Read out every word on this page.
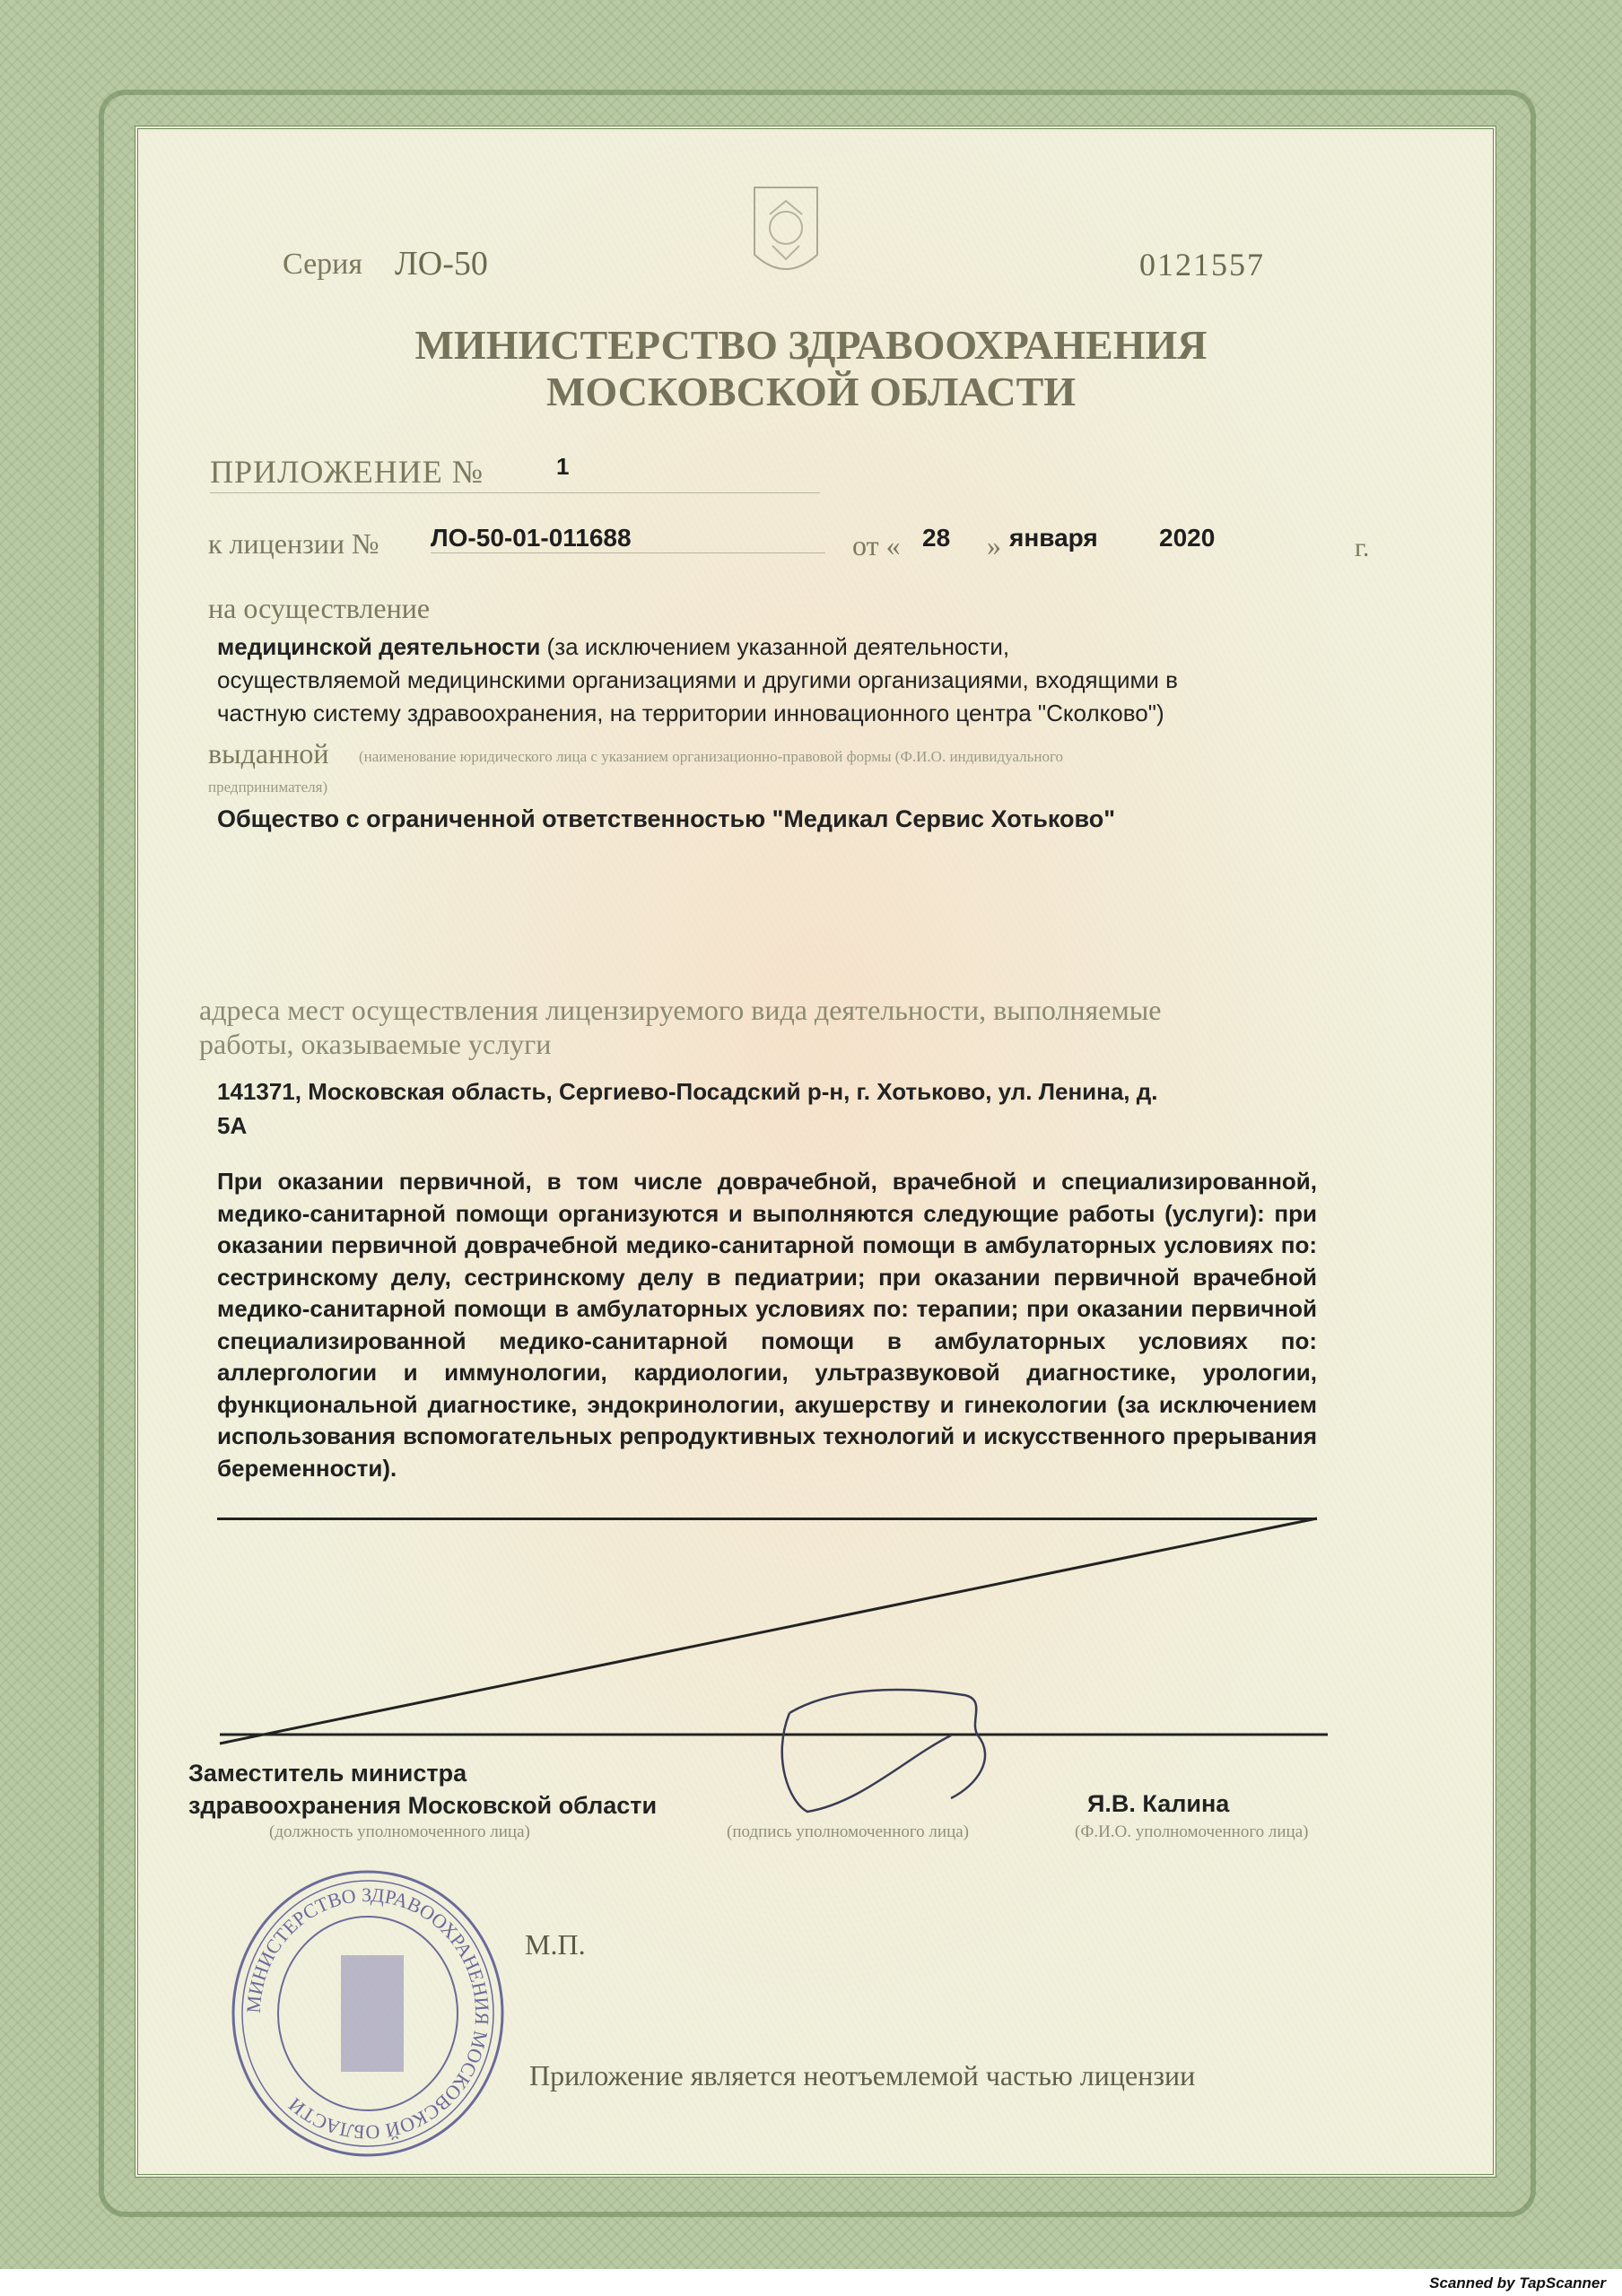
Серия ЛО-50	0121557
МИНИСТЕРСТВО ЗДРАВООХРАНЕНИЯ
МОСКОВСКОЙ ОБЛАСТИ
ПРИЛОЖЕНИЕ №	1
к лицензии № ЛО-50-01-011688	от « 28 » января 2020	г.
на осуществление
медицинской деятельности (за исключением указанной деятельности,
осуществляемой медицинскими организациями и другими организациями, входящими в
частную систему здравоохранения, на территории инновационного центра "Сколково")
выданной (наименование юридического лица с указанием организационно-правовой формы (Ф.И.О. индивидуального
предпринимателя)
Общество с ограниченной ответственностью "Медикал Сервис Хотьково"
адреса мест осуществления лицензируемого вида деятельности, выполняемые
работы, оказываемые услуги
141371, Московская область, Сергиево-Посадский р-н, г. Хотьково, ул. Ленина, д.
5А
При оказании первичной, в том числе доврачебной, врачебной и специализированной, медико-санитарной помощи организуются и выполняются следующие работы (услуги): при оказании первичной доврачебной медико-санитарной помощи в амбулаторных условиях по: сестринскому делу, сестринскому делу в педиатрии; при оказании первичной врачебной медико-санитарной помощи в амбулаторных условиях по: терапии; при оказании первичной специализированной медико-санитарной помощи в амбулаторных условиях по: аллергологии и иммунологии, кардиологии, ультразвуковой диагностике, урологии, функциональной диагностике, эндокринологии, акушерству и гинекологии (за исключением использования вспомогательных репродуктивных технологий и искусственного прерывания беременности).
Заместитель министра
здравоохранения Московской области	Я.В. Калина
(должность уполномоченного лица)	(подпись уполномоченного лица)	(Ф.И.О. уполномоченного лица)
МИНИСТЕРСТВО ЗДРАВООХРАНЕНИЯ МОСКОВСКОЙ ОБЛАСТИ
М.П.
Приложение является неотъемлемой частью лицензии
Scanned by TapScanner
